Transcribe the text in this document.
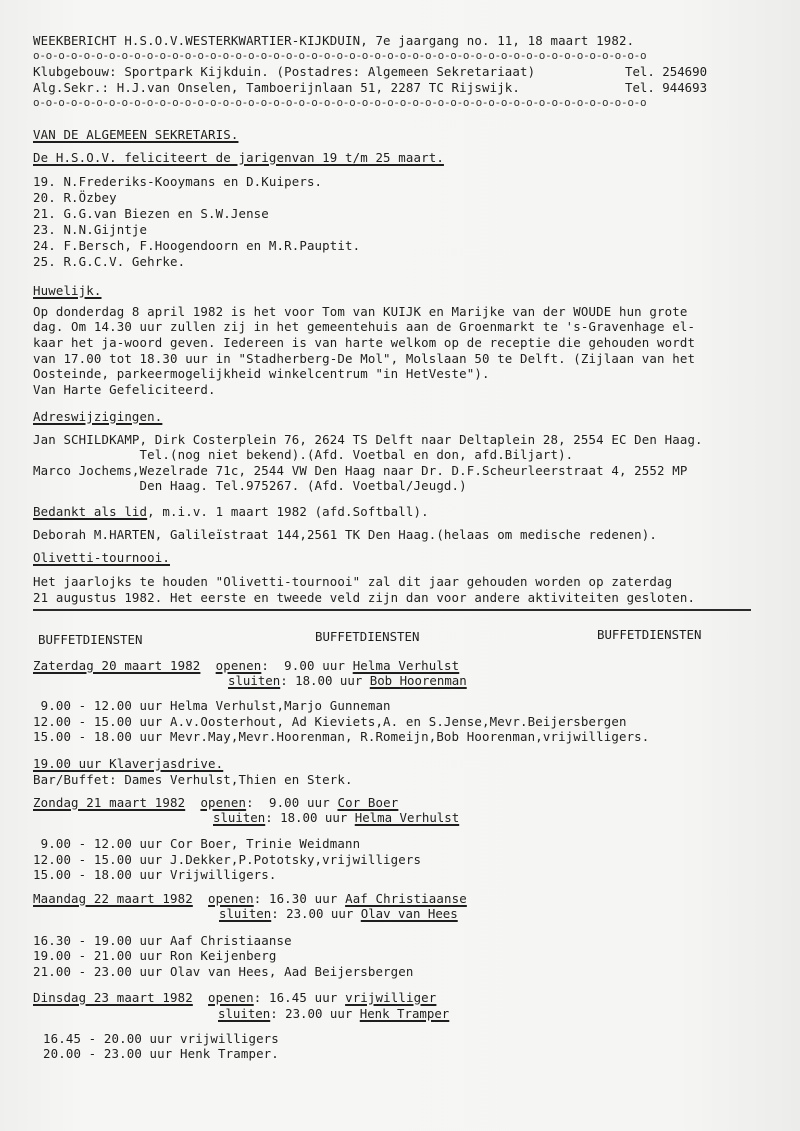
WEEKBERICHT H.S.O.V.WESTERKWARTIER-KIJKDUIN, 7e jaargang no. 11, 18 maart 1982.
o-o-o-o-o-o-o-o-o-o-o-o-o-o-o-o-o-o-o-o-o-o-o-o-o-o-o-o-o-o-o-o-o-o-o-o-o-o-o-o-o-o-o-o-o-o-o-o-o
Klubgebouw: Sportpark Kijkduin. (Postadres: Algemeen Sekretariaat)	Tel. 254690
Alg.Sekr.: H.J.van Onselen, Tamboerijnlaan 51, 2287 TC Rijswijk.	Tel. 944693
o-o-o-o-o-o-o-o-o-o-o-o-o-o-o-o-o-o-o-o-o-o-o-o-o-o-o-o-o-o-o-o-o-o-o-o-o-o-o-o-o-o-o-o-o-o-o-o-o
VAN DE ALGEMEEN SEKRETARIS.
De H.S.O.V. feliciteert de jarigenvan 19 t/m 25 maart.
19. N.Frederiks-Kooymans en D.Kuipers.
20. R.Özbey
21. G.G.van Biezen en S.W.Jense
23. N.N.Gijntje
24. F.Bersch, F.Hoogendoorn en M.R.Pauptit.
25. R.G.C.V. Gehrke.
Huwelijk.
Op donderdag 8 april 1982 is het voor Tom van KUIJK en Marijke van der WOUDE hun grote
dag. Om 14.30 uur zullen zij in het gemeentehuis aan de Groenmarkt te 's-Gravenhage el-
kaar het ja-woord geven. Iedereen is van harte welkom op de receptie die gehouden wordt
van 17.00 tot 18.30 uur in "Stadherberg-De Mol", Molslaan 50 te Delft. (Zijlaan van het
Oosteinde, parkeermogelijkheid winkelcentrum "in HetVeste").
Van Harte Gefeliciteerd.
Adreswijzigingen.
Jan SCHILDKAMP, Dirk Costerplein 76, 2624 TS Delft naar Deltaplein 28, 2554 EC Den Haag.
Tel.(nog niet bekend).(Afd. Voetbal en don, afd.Biljart).
Marco Jochems,Wezelrade 71c, 2544 VW Den Haag naar Dr. D.F.Scheurleerstraat 4, 2552 MP
Den Haag. Tel.975267. (Afd. Voetbal/Jeugd.)
Bedankt als lid, m.i.v. 1 maart 1982 (afd.Softball).
Deborah M.HARTEN, Galileïstraat 144,2561 TK Den Haag.(helaas om medische redenen).
Olivetti-tournooi.
Het jaarlojks te houden "Olivetti-tournooi" zal dit jaar gehouden worden op zaterdag
21 augustus 1982. Het eerste en tweede veld zijn dan voor andere aktiviteiten gesloten.
BUFFETDIENSTEN	BUFFETDIENSTEN	BUFFETDIENSTEN
Zaterdag 20 maart 1982 openen:  9.00 uur Helma Verhulst
sluiten: 18.00 uur Bob Hoorenman
9.00 - 12.00 uur Helma Verhulst,Marjo Gunneman
12.00 - 15.00 uur A.v.Oosterhout, Ad Kieviets,A. en S.Jense,Mevr.Beijersbergen
15.00 - 18.00 uur Mevr.May,Mevr.Hoorenman, R.Romeijn,Bob Hoorenman,vrijwilligers.
19.00 uur Klaverjasdrive.
Bar/Buffet: Dames Verhulst,Thien en Sterk.
Zondag 21 maart 1982 openen:  9.00 uur Cor Boer
sluiten: 18.00 uur Helma Verhulst
9.00 - 12.00 uur Cor Boer, Trinie Weidmann
12.00 - 15.00 uur J.Dekker,P.Pototsky,vrijwilligers
15.00 - 18.00 uur Vrijwilligers.
Maandag 22 maart 1982 openen: 16.30 uur Aaf Christiaanse
sluiten: 23.00 uur Olav van Hees
16.30 - 19.00 uur Aaf Christiaanse
19.00 - 21.00 uur Ron Keijenberg
21.00 - 23.00 uur Olav van Hees, Aad Beijersbergen
Dinsdag 23 maart 1982 openen: 16.45 uur vrijwilliger
sluiten: 23.00 uur Henk Tramper
16.45 - 20.00 uur vrijwilligers
20.00 - 23.00 uur Henk Tramper.
